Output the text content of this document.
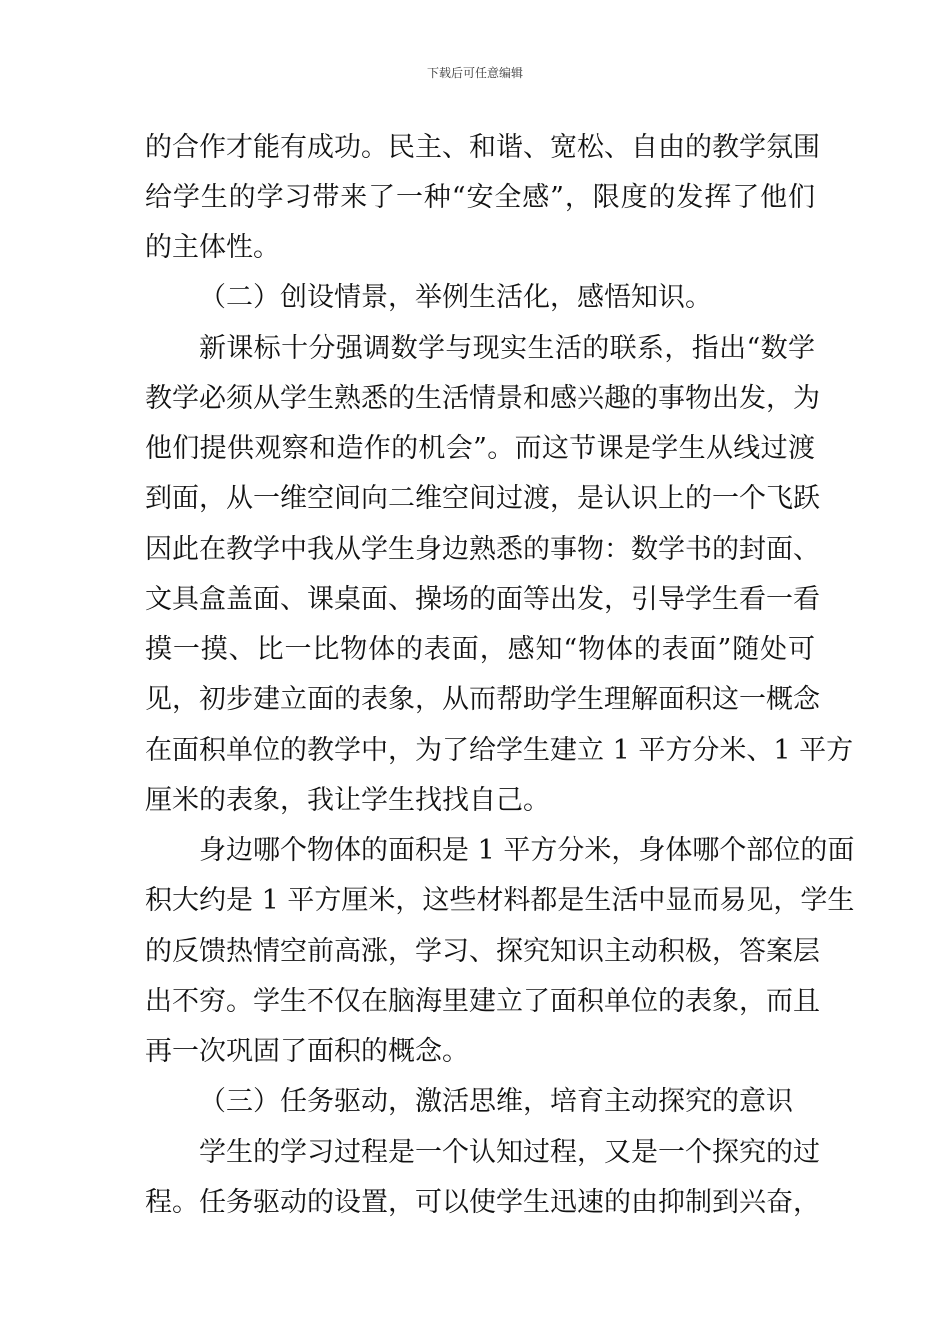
下载后可任意编辑
的合作才能有成功。民主、和谐、宽松、自由的教学氛围
给学生的学习带来了一种“安全感”，限度的发挥了他们
的主体性。
（二）创设情景，举例生活化，感悟知识。
新课标十分强调数学与现实生活的联系，指出“数学
教学必须从学生熟悉的生活情景和感兴趣的事物出发，为
他们提供观察和造作的机会”。而这节课是学生从线过渡
到面，从一维空间向二维空间过渡，是认识上的一个飞跃
因此在教学中我从学生身边熟悉的事物：数学书的封面、
文具盒盖面、课桌面、操场的面等出发，引导学生看一看
摸一摸、比一比物体的表面，感知“物体的表面”随处可
见，初步建立面的表象，从而帮助学生理解面积这一概念
在面积单位的教学中，为了给学生建立 1 平方分米、1 平方
厘米的表象，我让学生找找自己。
身边哪个物体的面积是 1 平方分米，身体哪个部位的面
积大约是 1 平方厘米，这些材料都是生活中显而易见，学生
的反馈热情空前高涨，学习、探究知识主动积极，答案层
出不穷。学生不仅在脑海里建立了面积单位的表象，而且
再一次巩固了面积的概念。
（三）任务驱动，激活思维，培育主动探究的意识
学生的学习过程是一个认知过程，又是一个探究的过
程。任务驱动的设置，可以使学生迅速的由抑制到兴奋，
